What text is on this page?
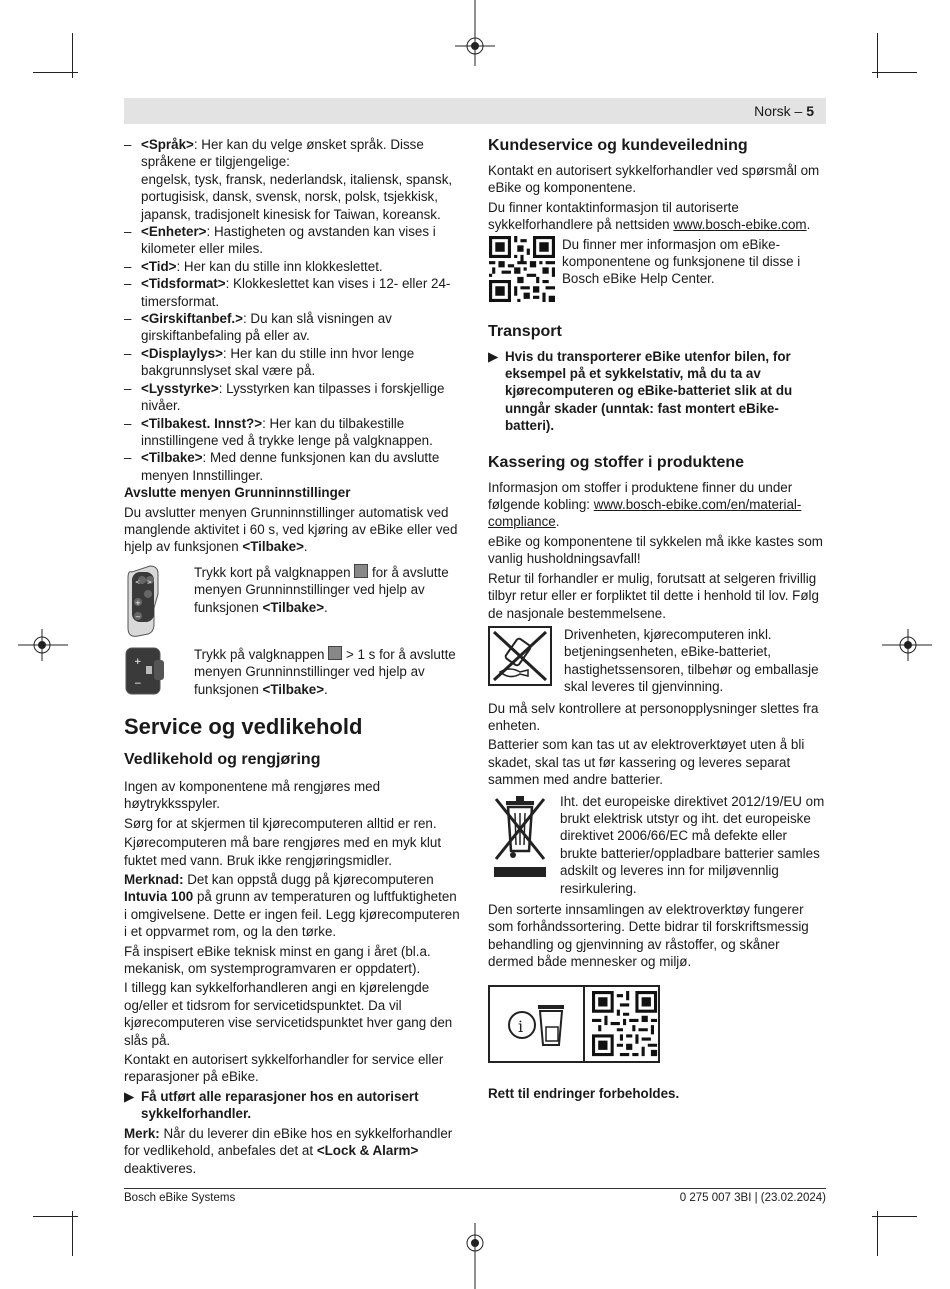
Norsk – 5
– <Språk>: Her kan du velge ønsket språk. Disse språkene er tilgjengelige:
engelsk, tysk, fransk, nederlandsk, italiensk, spansk, portugisisk, dansk, svensk, norsk, polsk, tsjekkisk, japansk, tradisjonelt kinesisk for Taiwan, koreansk.
– <Enheter>: Hastigheten og avstanden kan vises i kilometer eller miles.
– <Tid>: Her kan du stille inn klokkeslettet.
– <Tidsformat>: Klokkeslettet kan vises i 12- eller 24-timersformat.
– <Girskiftanbef.>: Du kan slå visningen av girskiftanbefaling på eller av.
– <Displaylys>: Her kan du stille inn hvor lenge bakgrunnslyset skal være på.
– <Lysstyrke>: Lysstyrken kan tilpasses i forskjellige nivåer.
– <Tilbakest. Innst?>: Her kan du tilbakestille innstillingene ved å trykke lenge på valgknappen.
– <Tilbake>: Med denne funksjonen kan du avslutte menyen Innstillinger.

Avslutte menyen Grunninnstillinger

Du avslutter menyen Grunninnstillinger automatisk ved manglende aktivitet i 60 s, ved kjøring av eBike eller ved hjelp av funksjonen <Tilbake>.

< >
+
−
Trykk kort på valgknappen  for å avslutte menyen Grunninnstillinger ved hjelp av funksjonen <Tilbake>.
+
−
Trykk på valgknappen  > 1 s for å avslutte menyen Grunninnstillinger ved hjelp av funksjonen <Tilbake>.
Service og vedlikehold
Vedlikehold og rengjøring

Ingen av komponentene må rengjøres med høytrykksspyler.

Sørg for at skjermen til kjørecomputeren alltid er ren.

Kjørecomputeren må bare rengjøres med en myk klut fuktet med vann. Bruk ikke rengjøringsmidler.

Merknad: Det kan oppstå dugg på kjørecomputeren Intuvia 100 på grunn av temperaturen og luftfuktigheten i omgivelsene. Dette er ingen feil. Legg kjørecomputeren i et oppvarmet rom, og la den tørke.

Få inspisert eBike teknisk minst en gang i året (bl.a. mekanisk, om systemprogramvaren er oppdatert).

I tillegg kan sykkelforhandleren angi en kjørelengde og/eller et tidsrom for servicetidspunktet. Da vil kjørecomputeren vise servicetidspunktet hver gang den slås på.

Kontakt en autorisert sykkelforhandler for service eller reparasjoner på eBike.

▶ Få utført alle reparasjoner hos en autorisert sykkelforhandler.

Merk: Når du leverer din eBike hos en sykkelforhandler for vedlikehold, anbefales det at <Lock & Alarm> deaktiveres.

Kundeservice og kundeveiledning

Kontakt en autorisert sykkelforhandler ved spørsmål om eBike og komponentene.

Du finner kontaktinformasjon til autoriserte sykkelforhandlere på nettsiden www.bosch-ebike.com.

Du finner mer informasjon om eBike-komponentene og funksjonene til disse i Bosch eBike Help Center.
Transport
▶ Hvis du transporterer eBike utenfor bilen, for eksempel på et sykkelstativ, må du ta av kjørecomputeren og eBike-batteriet slik at du unngår skader (unntak: fast montert eBike-batteri).
Kassering og stoffer i produktene

Informasjon om stoffer i produktene finner du under følgende kobling: www.bosch-ebike.com/en/material-compliance.

eBike og komponentene til sykkelen må ikke kastes som vanlig husholdningsavfall!

Retur til forhandler er mulig, forutsatt at selgeren frivillig tilbyr retur eller er forpliktet til dette i henhold til lov. Følg de nasjonale bestemmelsene.

Drivenheten, kjørecomputeren inkl. betjeningsenheten, eBike-batteriet, hastighetssensoren, tilbehør og emballasje skal leveres til gjenvinning.

Du må selv kontrollere at personopplysninger slettes fra enheten.

Batterier som kan tas ut av elektroverktøyet uten å bli skadet, skal tas ut før kassering og leveres separat sammen med andre batterier.

Iht. det europeiske direktivet 2012/19/EU om brukt elektrisk utstyr og iht. det europeiske direktivet 2006/66/EC må defekte eller brukte batterier/oppladbare batterier samles adskilt og leveres inn for miljøvennlig resirkulering.

Den sorterte innsamlingen av elektroverktøy fungerer som forhåndssortering. Dette bidrar til forskriftsmessig behandling og gjenvinning av råstoffer, og skåner dermed både mennesker og miljø.

i

Rett til endringer forbeholdes.

Bosch eBike Systems	0 275 007 3BI | (23.02.2024)
